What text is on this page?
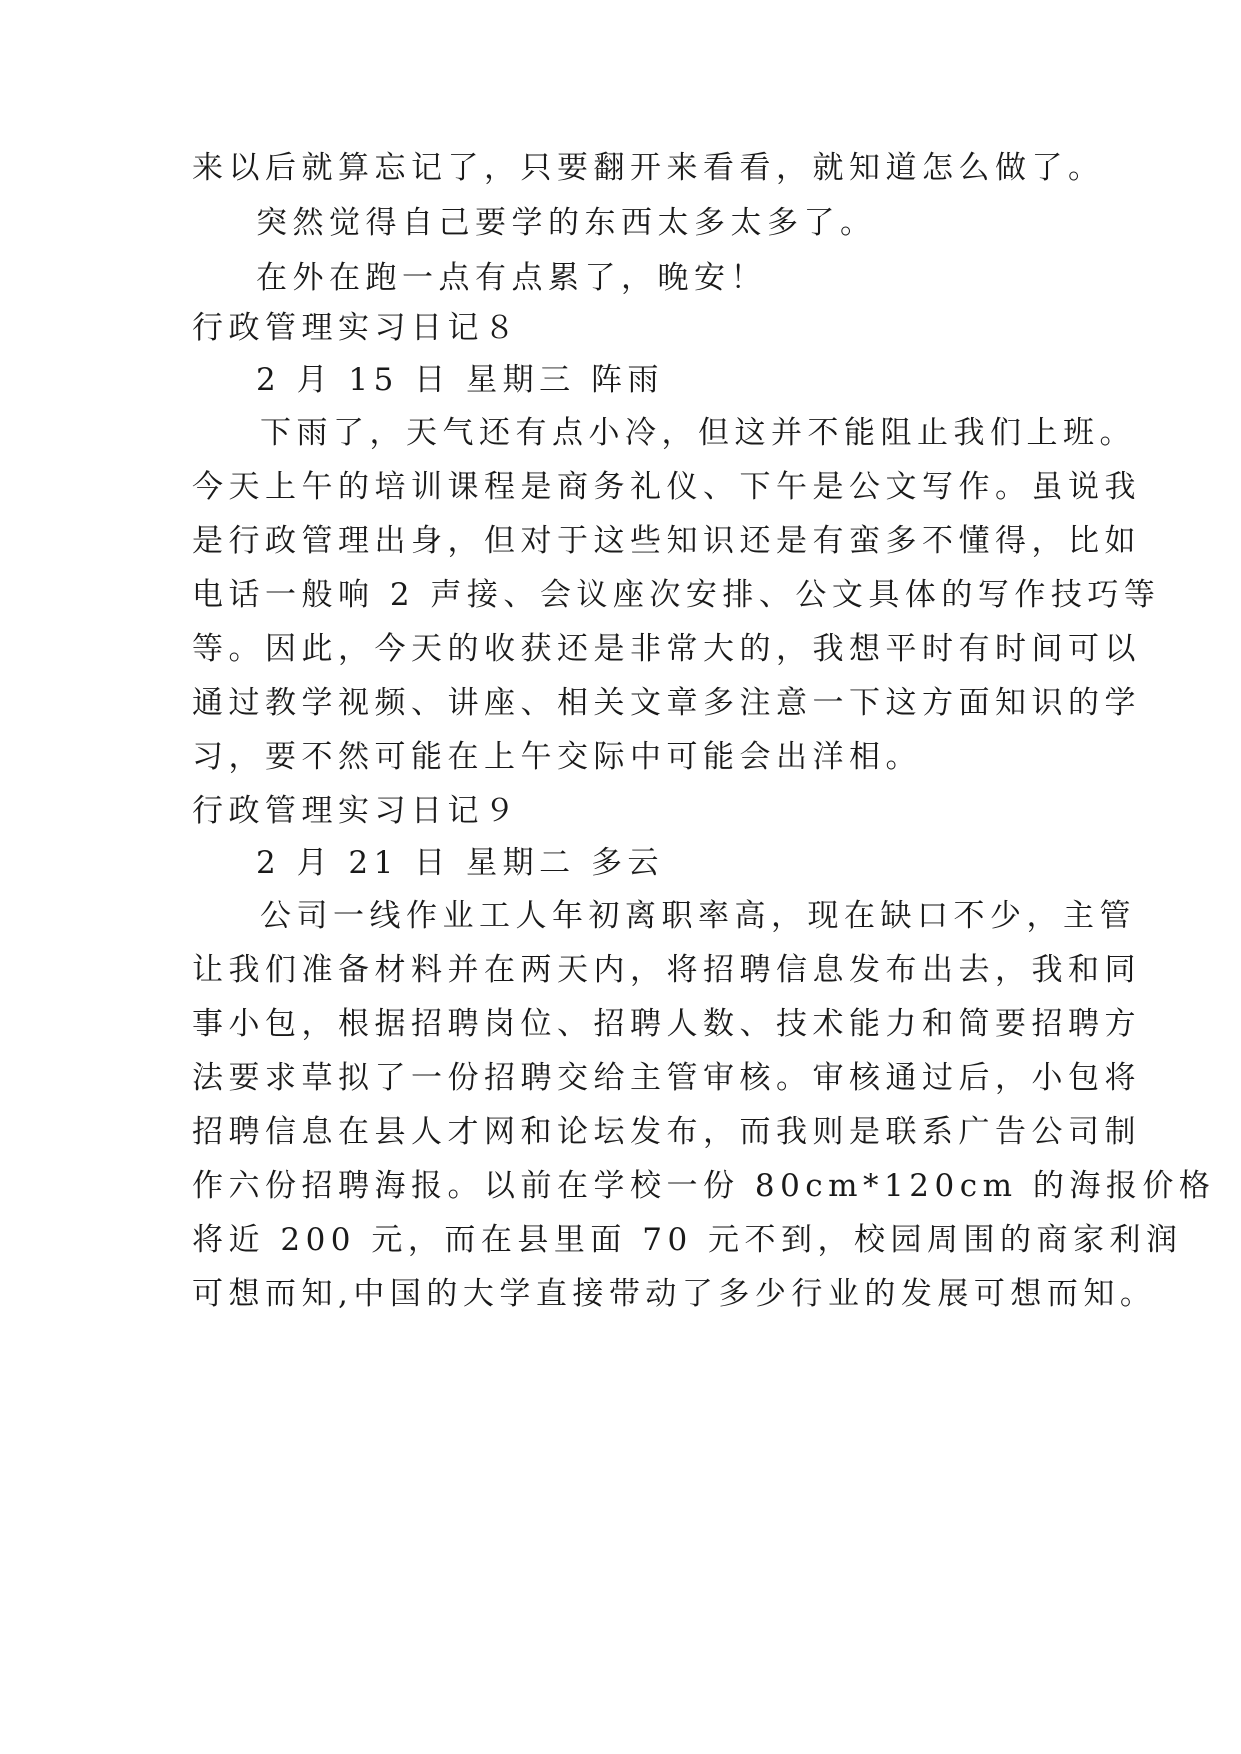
来以后就算忘记了，只要翻开来看看，就知道怎么做了。
突然觉得自己要学的东西太多太多了。
在外在跑一点有点累了，晚安！
行政管理实习日记８
2 月 15 日 星期三 阵雨
下雨了，天气还有点小冷，但这并不能阻止我们上班。
今天上午的培训课程是商务礼仪、下午是公文写作。虽说我
是行政管理出身，但对于这些知识还是有蛮多不懂得，比如
电话一般响 2 声接、会议座次安排、公文具体的写作技巧等
等。因此，今天的收获还是非常大的，我想平时有时间可以
通过教学视频、讲座、相关文章多注意一下这方面知识的学
习，要不然可能在上午交际中可能会出洋相。
行政管理实习日记９
2 月 21 日 星期二 多云
公司一线作业工人年初离职率高，现在缺口不少，主管
让我们准备材料并在两天内，将招聘信息发布出去，我和同
事小包，根据招聘岗位、招聘人数、技术能力和简要招聘方
法要求草拟了一份招聘交给主管审核。审核通过后，小包将
招聘信息在县人才网和论坛发布，而我则是联系广告公司制
作六份招聘海报。以前在学校一份 80cm*120cm 的海报价格
将近 200 元，而在县里面 70 元不到，校园周围的商家利润
可想而知,中国的大学直接带动了多少行业的发展可想而知。
